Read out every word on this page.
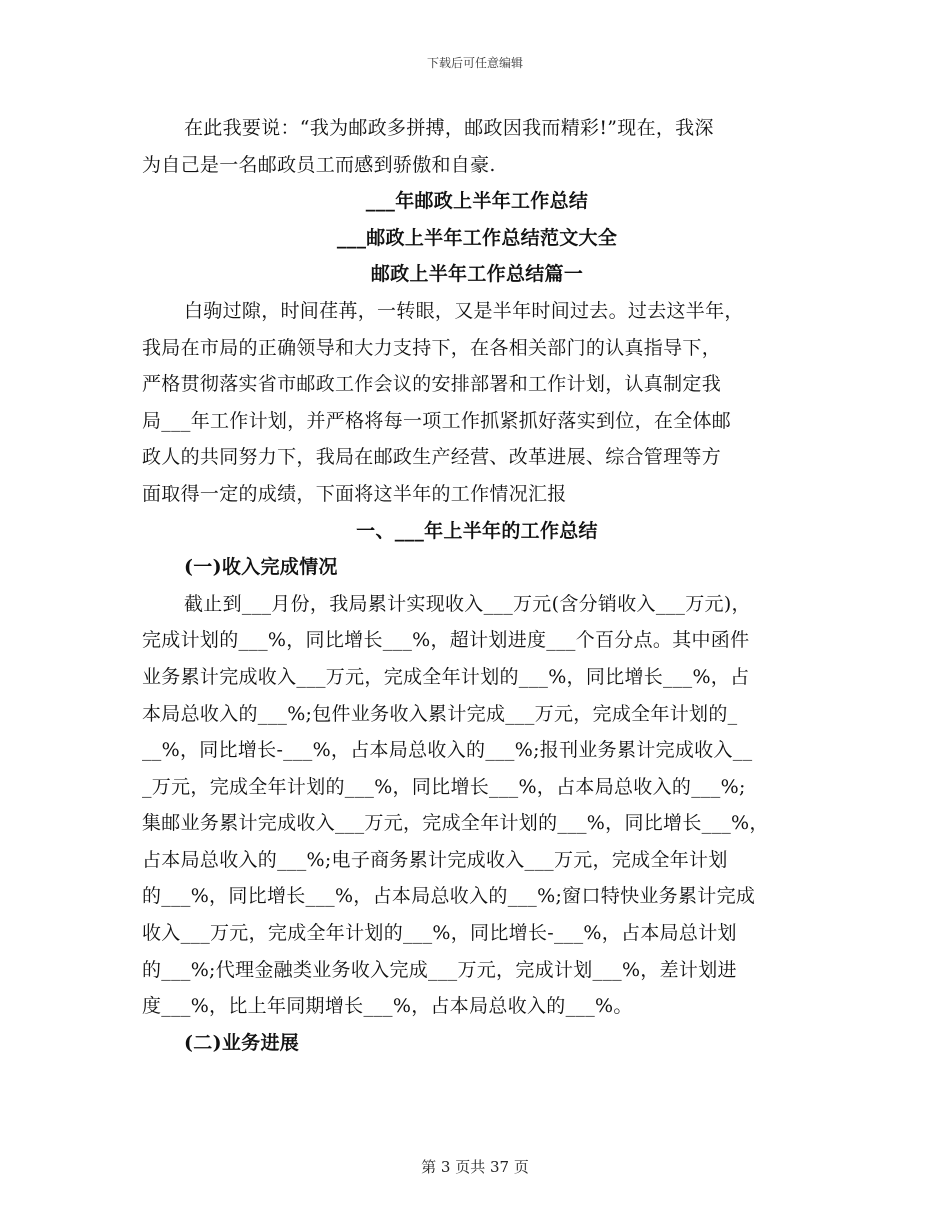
下载后可任意编辑
在此我要说：“我为邮政多拼搏，邮政因我而精彩!”现在，我深
为自己是一名邮政员工而感到骄傲和自豪.
___年邮政上半年工作总结
___邮政上半年工作总结范文大全
邮政上半年工作总结篇一
白驹过隙，时间荏苒，一转眼，又是半年时间过去。过去这半年，
我局在市局的正确领导和大力支持下，在各相关部门的认真指导下，
严格贯彻落实省市邮政工作会议的安排部署和工作计划，认真制定我
局___年工作计划，并严格将每一项工作抓紧抓好落实到位，在全体邮
政人的共同努力下，我局在邮政生产经营、改革进展、综合管理等方
面取得一定的成绩，下面将这半年的工作情况汇报
一、___年上半年的工作总结
(一)收入完成情况
截止到___月份，我局累计实现收入___万元(含分销收入___万元)，
完成计划的___%，同比增长___%，超计划进度___个百分点。其中函件
业务累计完成收入___万元，完成全年计划的___%，同比增长___%，占
本局总收入的___%;包件业务收入累计完成___万元，完成全年计划的_
__%，同比增长-___%，占本局总收入的___%;报刊业务累计完成收入__
_万元，完成全年计划的___%，同比增长___%，占本局总收入的___%;
集邮业务累计完成收入___万元，完成全年计划的___%，同比增长___%，
占本局总收入的___%;电子商务累计完成收入___万元，完成全年计划
的___%，同比增长___%，占本局总收入的___%;窗口特快业务累计完成
收入___万元，完成全年计划的___%，同比增长-___%，占本局总计划
的___%;代理金融类业务收入完成___万元，完成计划___%，差计划进
度___%，比上年同期增长___%，占本局总收入的___%。
(二)业务进展
第 3 页共 37 页
